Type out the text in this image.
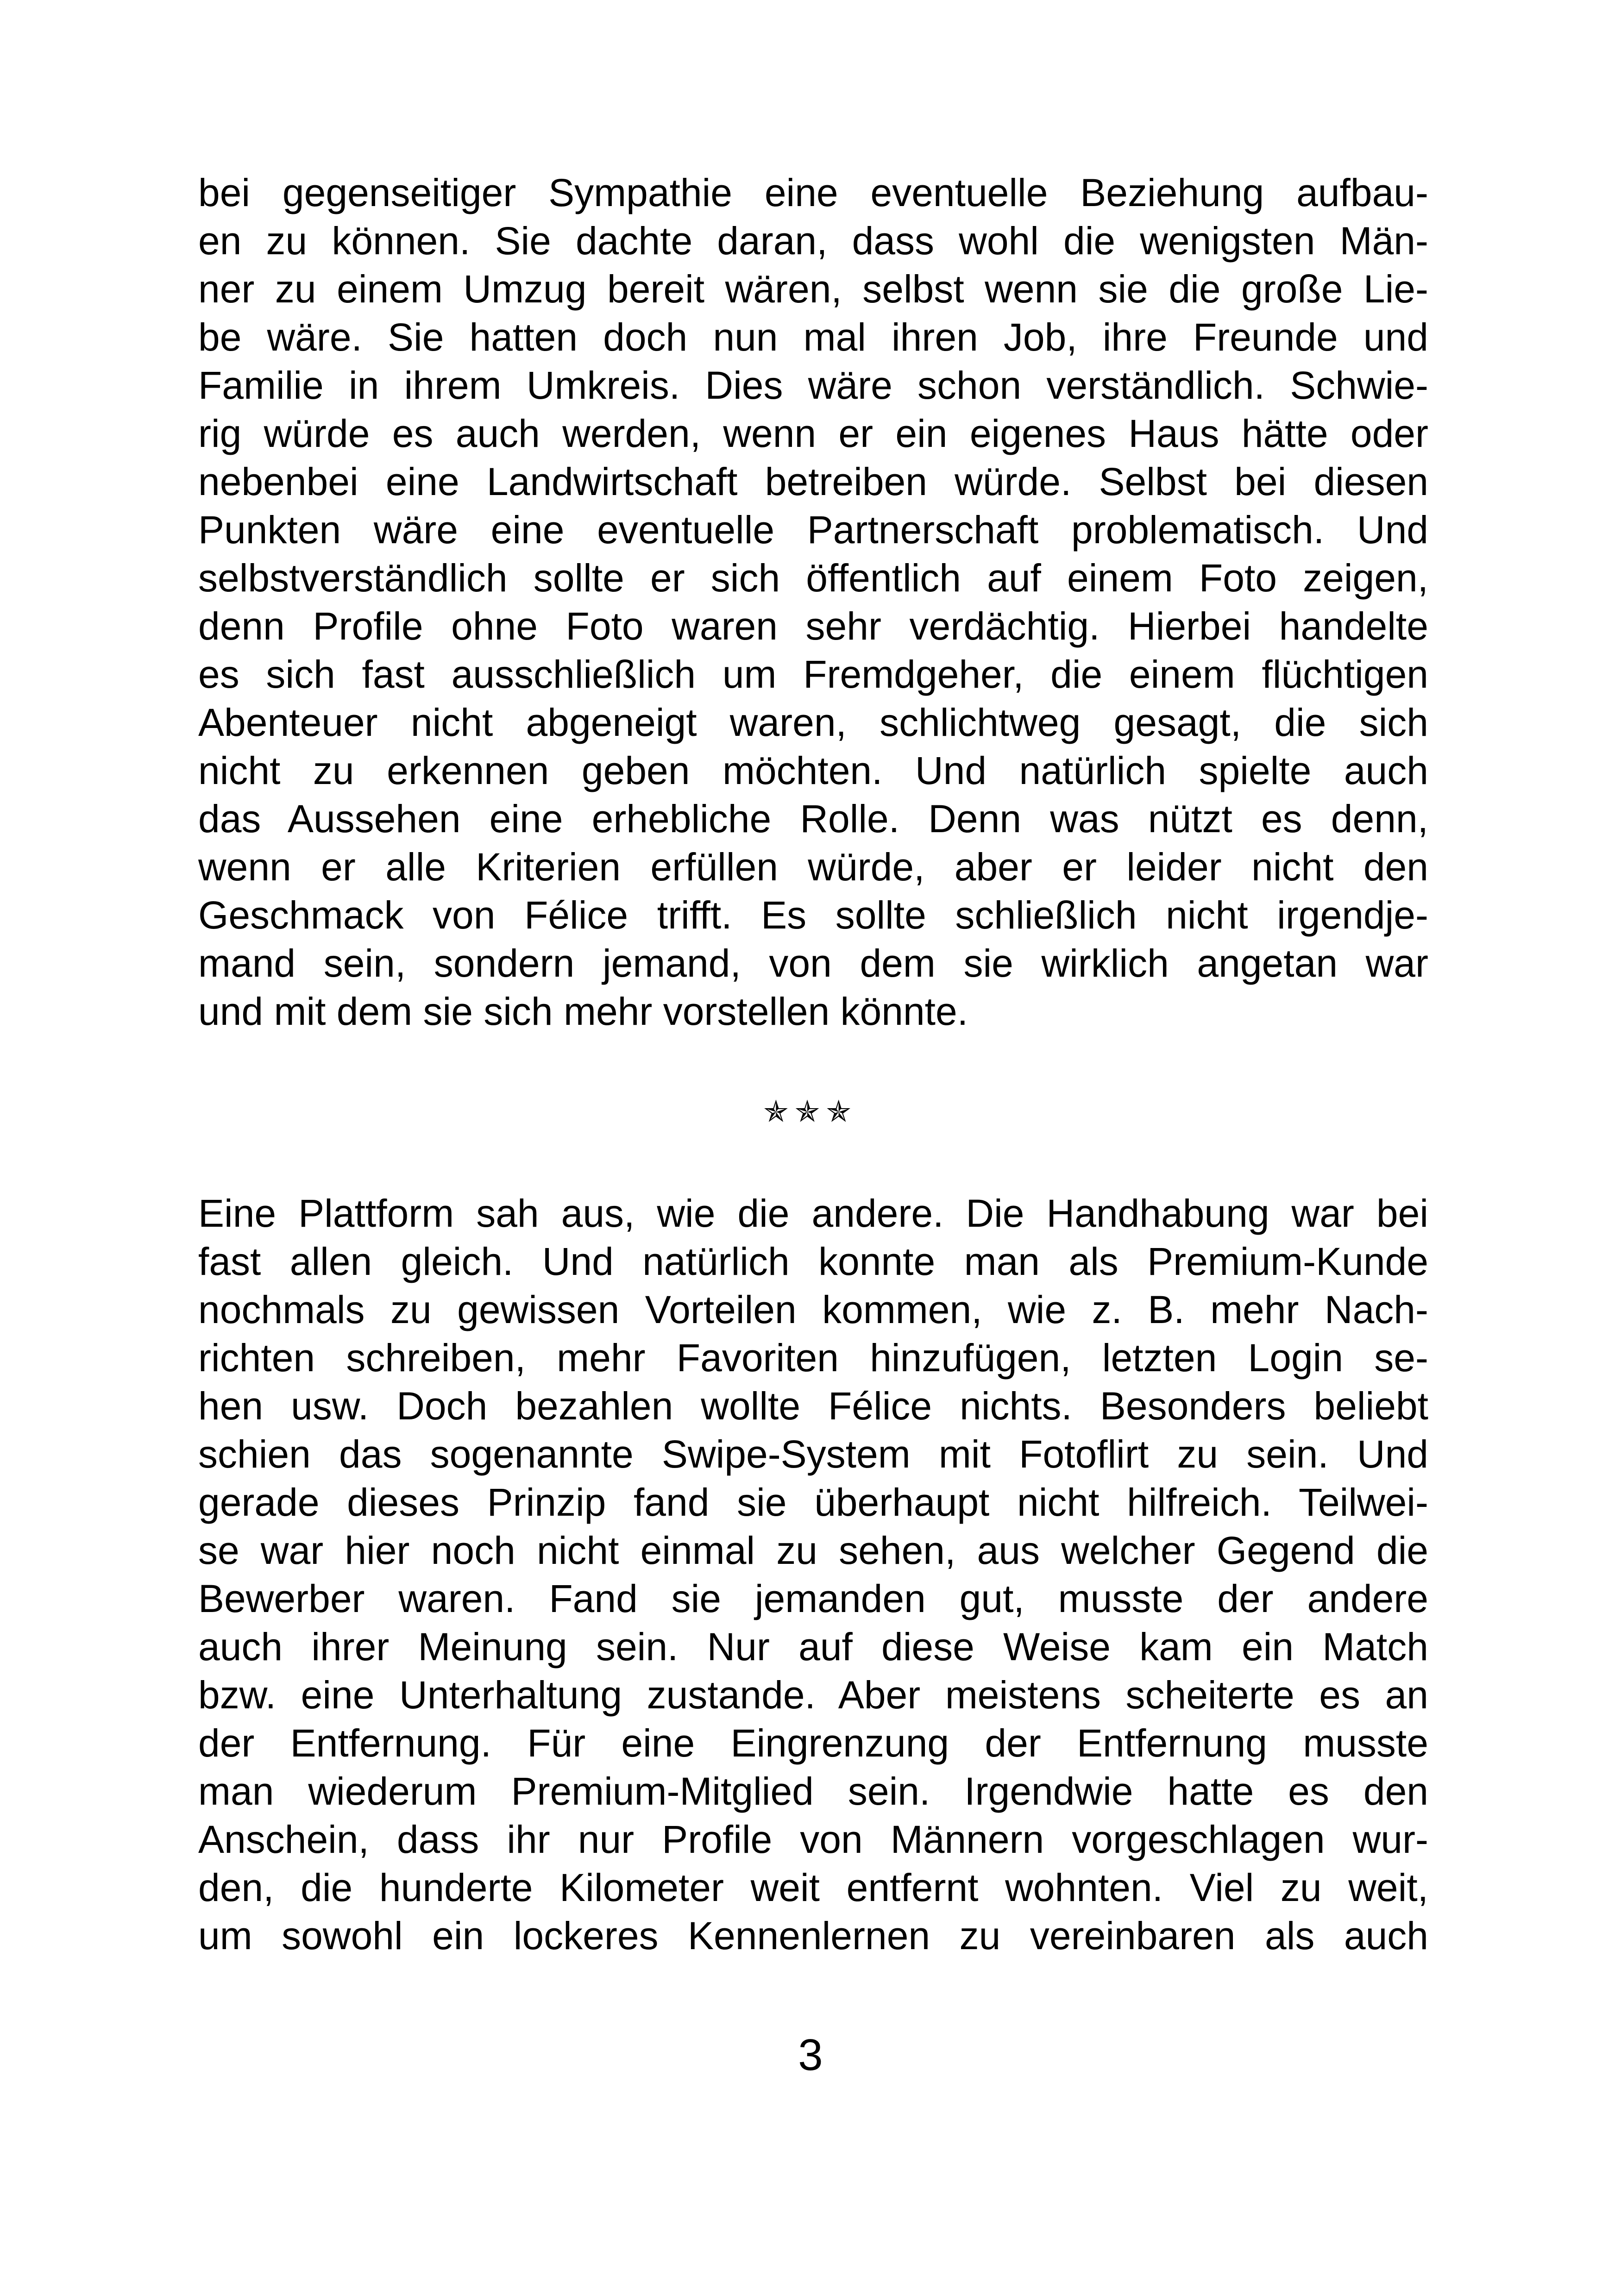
bei gegenseitiger Sympathie eine eventuelle Beziehung aufbau-
en zu können. Sie dachte daran, dass wohl die wenigsten Män-
ner zu einem Umzug bereit wären, selbst wenn sie die große Lie-
be wäre. Sie hatten doch nun mal ihren Job, ihre Freunde und
Familie in ihrem Umkreis. Dies wäre schon verständlich. Schwie-
rig würde es auch werden, wenn er ein eigenes Haus hätte oder
nebenbei eine Landwirtschaft betreiben würde. Selbst bei diesen
Punkten wäre eine eventuelle Partnerschaft problematisch. Und
selbstverständlich sollte er sich öffentlich auf einem Foto zeigen,
denn Profile ohne Foto waren sehr verdächtig. Hierbei handelte
es sich fast ausschließlich um Fremdgeher, die einem flüchtigen
Abenteuer nicht abgeneigt waren, schlichtweg gesagt, die sich
nicht zu erkennen geben möchten. Und natürlich spielte auch
das Aussehen eine erhebliche Rolle. Denn was nützt es denn,
wenn er alle Kriterien erfüllen würde, aber er leider nicht den
Geschmack von Félice trifft. Es sollte schließlich nicht irgendje-
mand sein, sondern jemand, von dem sie wirklich angetan war
und mit dem sie sich mehr vorstellen könnte.
✯✯✯
Eine Plattform sah aus, wie die andere. Die Handhabung war bei
fast allen gleich. Und natürlich konnte man als Premium-Kunde
nochmals zu gewissen Vorteilen kommen, wie z. B. mehr Nach-
richten schreiben, mehr Favoriten hinzufügen, letzten Login se-
hen usw. Doch bezahlen wollte Félice nichts. Besonders beliebt
schien das sogenannte Swipe-System mit Fotoflirt zu sein. Und
gerade dieses Prinzip fand sie überhaupt nicht hilfreich. Teilwei-
se war hier noch nicht einmal zu sehen, aus welcher Gegend die
Bewerber waren. Fand sie jemanden gut, musste der andere
auch ihrer Meinung sein. Nur auf diese Weise kam ein Match
bzw. eine Unterhaltung zustande. Aber meistens scheiterte es an
der Entfernung. Für eine Eingrenzung der Entfernung musste
man wiederum Premium-Mitglied sein. Irgendwie hatte es den
Anschein, dass ihr nur Profile von Männern vorgeschlagen wur-
den, die hunderte Kilometer weit entfernt wohnten. Viel zu weit,
um sowohl ein lockeres Kennenlernen zu vereinbaren als auch
3
